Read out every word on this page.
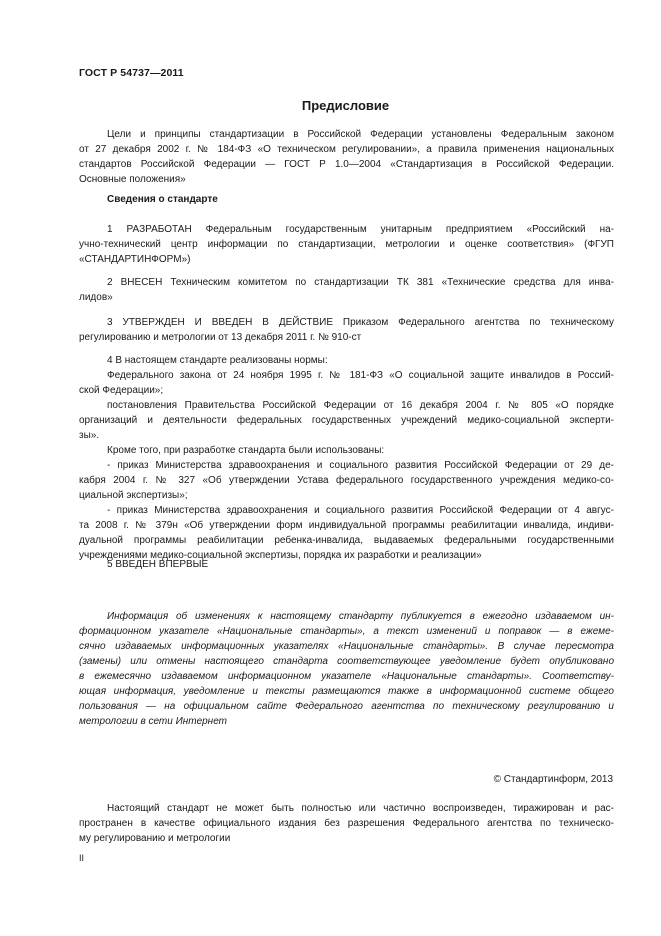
ГОСТ Р 54737—2011
Предисловие
Цели и принципы стандартизации в Российской Федерации установлены Федеральным законом
от 27 декабря 2002 г. № 184-ФЗ «О техническом регулировании», а правила применения национальных
стандартов Российской Федерации — ГОСТ Р 1.0—2004 «Стандартизация в Российской Федерации.
Основные положения»
Сведения о стандарте
1 РАЗРАБОТАН Федеральным государственным унитарным предприятием «Российский на-
учно-технический центр информации по стандартизации, метрологии и оценке соответствия» (ФГУП
«СТАНДАРТИНФОРМ»)
2 ВНЕСЕН Техническим комитетом по стандартизации ТК 381 «Технические средства для инва-
лидов»
3 УТВЕРЖДЕН И ВВЕДЕН В ДЕЙСТВИЕ Приказом Федерального агентства по техническому
регулированию и метрологии от 13 декабря 2011 г. № 910-ст
4 В настоящем стандарте реализованы нормы:
Федерального закона от 24 ноября 1995 г. № 181-ФЗ «О социальной защите инвалидов в Россий-
ской Федерации»;
постановления Правительства Российской Федерации от 16 декабря 2004 г. № 805 «О порядке
организаций и деятельности федеральных государственных учреждений медико-социальной эксперти-
зы».
Кроме того, при разработке стандарта были использованы:
- приказ Министерства здравоохранения и социального развития Российской Федерации от 29 де-
кабря 2004 г. № 327 «Об утверждении Устава федерального государственного учреждения медико-со-
циальной экспертизы»;
- приказ Министерства здравоохранения и социального развития Российской Федерации от 4 авгус-
та 2008 г. № 379н «Об утверждении форм индивидуальной программы реабилитации инвалида, индиви-
дуальной программы реабилитации ребенка-инвалида, выдаваемых федеральными государственными
учреждениями медико-социальной экспертизы, порядка их разработки и реализации»
5 ВВЕДЕН ВПЕРВЫЕ
Информация об изменениях к настоящему стандарту публикуется в ежегодно издаваемом ин-
формационном указателе «Национальные стандарты», а текст изменений и поправок — в ежеме-
сячно издаваемых информационных указателях «Национальные стандарты». В случае пересмотра
(замены) или отмены настоящего стандарта соответствующее уведомление будет опубликовано
в ежемесячно издаваемом информационном указателе «Национальные стандарты». Соответству-
ющая информация, уведомление и тексты размещаются также в информационной системе общего
пользования — на официальном сайте Федерального агентства по техническому регулированию и
метрологии в сети Интернет
© Стандартинформ, 2013
Настоящий стандарт не может быть полностью или частично воспроизведен, тиражирован и рас-
пространен в качестве официального издания без разрешения Федерального агентства по техническо-
му регулированию и метрологии
II
